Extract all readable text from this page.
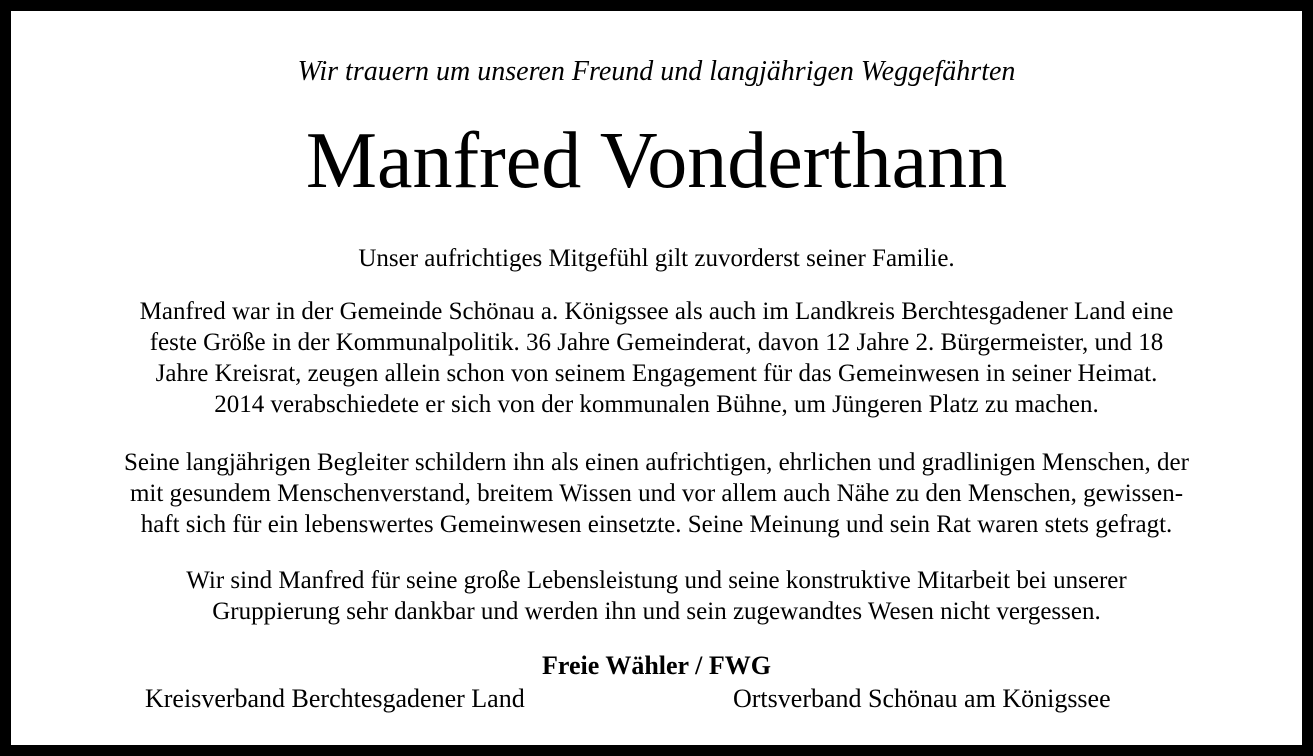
Wir trauern um unseren Freund und langjährigen Weggefährten
Manfred Vonderthann
Unser aufrichtiges Mitgefühl gilt zuvorderst seiner Familie.
Manfred war in der Gemeinde Schönau a. Königssee als auch im Landkreis Berchtesgadener Land eine
feste Größe in der Kommunalpolitik. 36 Jahre Gemeinderat, davon 12 Jahre 2. Bürgermeister, und 18
Jahre Kreisrat, zeugen allein schon von seinem Engagement für das Gemeinwesen in seiner Heimat.
2014 verabschiedete er sich von der kommunalen Bühne, um Jüngeren Platz zu machen.
Seine langjährigen Begleiter schildern ihn als einen aufrichtigen, ehrlichen und gradlinigen Menschen, der
mit gesundem Menschenverstand, breitem Wissen und vor allem auch Nähe zu den Menschen, gewissen-
haft sich für ein lebenswertes Gemeinwesen einsetzte. Seine Meinung und sein Rat waren stets gefragt.
Wir sind Manfred für seine große Lebensleistung und seine konstruktive Mitarbeit bei unserer
Gruppierung sehr dankbar und werden ihn und sein zugewandtes Wesen nicht vergessen.
Freie Wähler / FWG
Kreisverband Berchtesgadener Land	Ortsverband Schönau am Königssee
